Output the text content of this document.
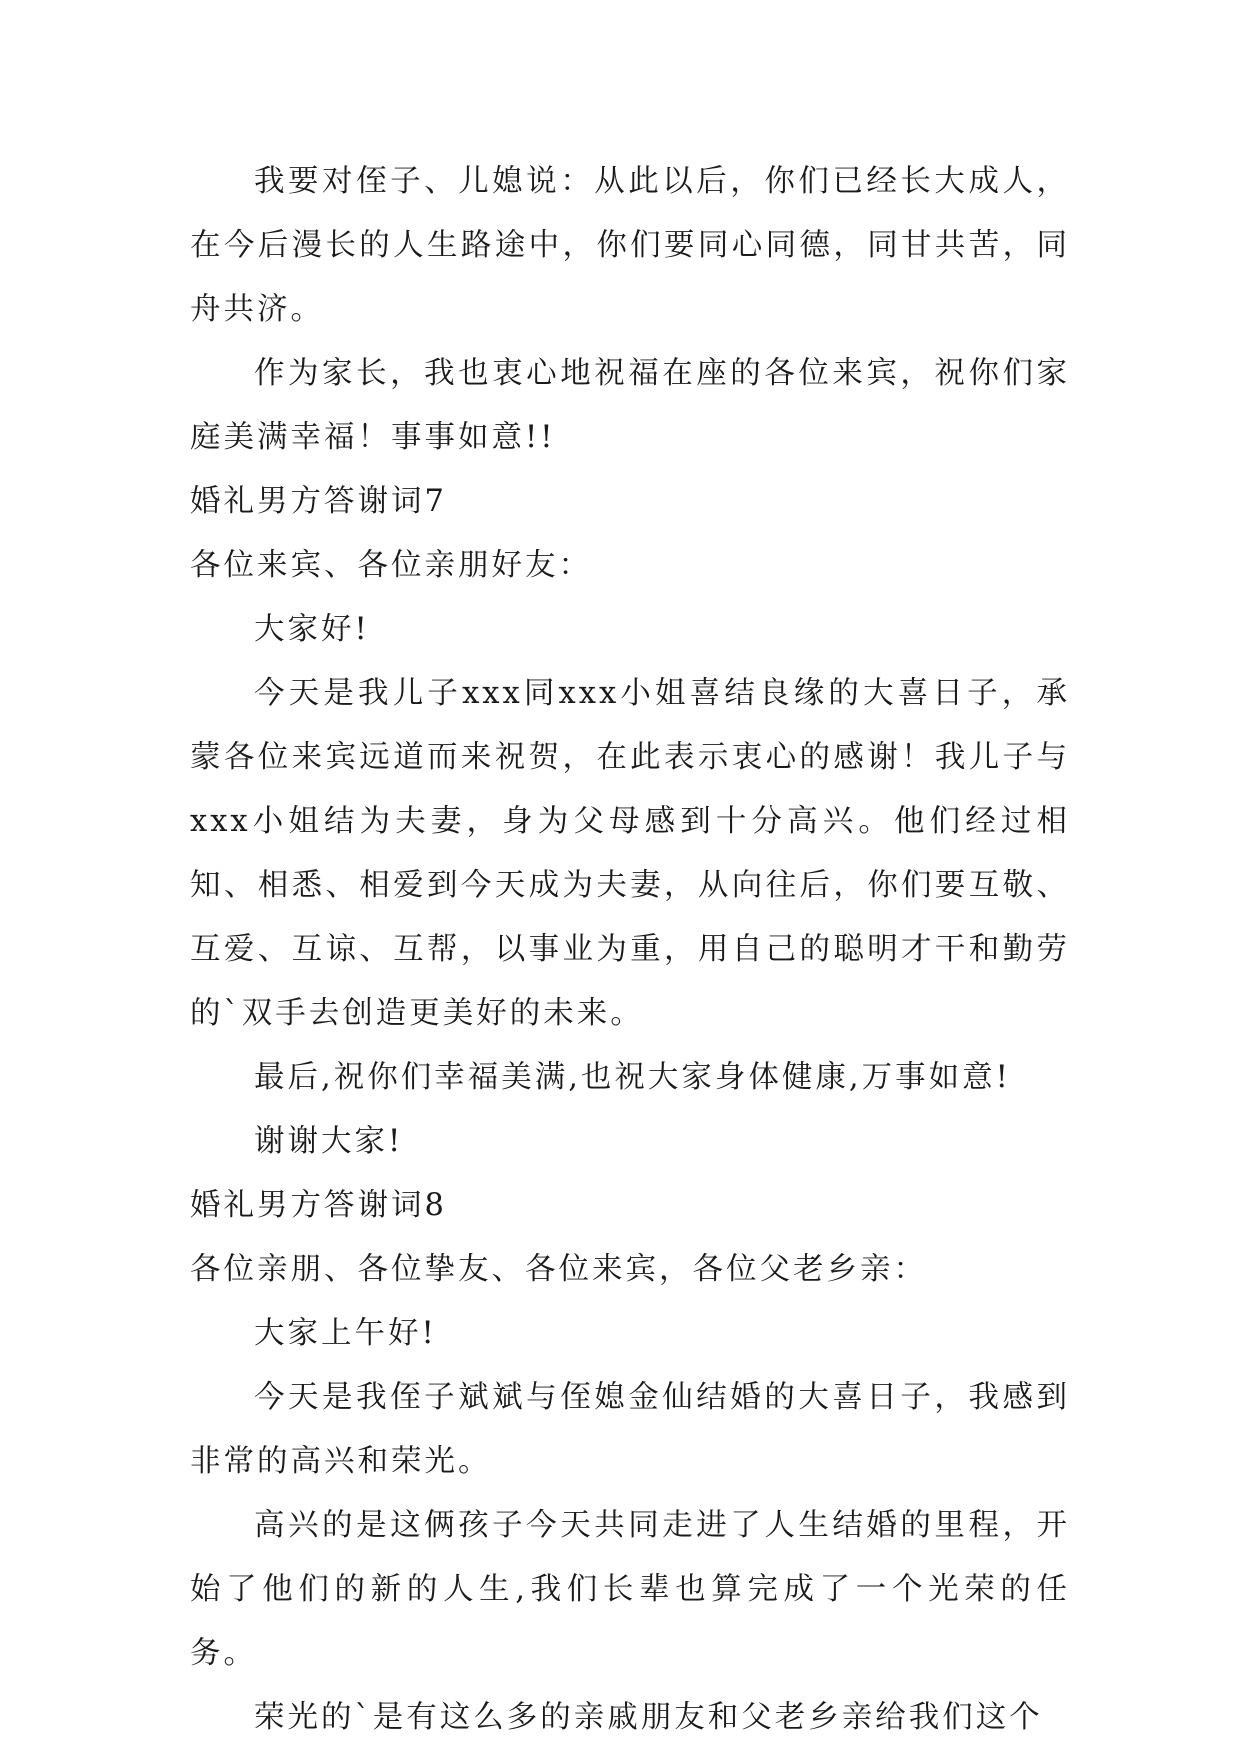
我要对侄子、儿媳说：从此以后，你们已经长大成人，在今后漫长的人生路途中，你们要同心同德，同甘共苦，同舟共济。

作为家长，我也衷心地祝福在座的各位来宾，祝你们家庭美满幸福！事事如意!!

婚礼男方答谢词7

各位来宾、各位亲朋好友：

大家好!

今天是我儿子xxx同xxx小姐喜结良缘的大喜日子，承蒙各位来宾远道而来祝贺，在此表示衷心的感谢！我儿子与xxx小姐结为夫妻，身为父母感到十分高兴。他们经过相知、相悉、相爱到今天成为夫妻，从向往后，你们要互敬、互爱、互谅、互帮，以事业为重，用自己的聪明才干和勤劳的`双手去创造更美好的未来。

最后,祝你们幸福美满,也祝大家身体健康,万事如意!

谢谢大家!

婚礼男方答谢词8

各位亲朋、各位挚友、各位来宾，各位父老乡亲：

大家上午好!

今天是我侄子斌斌与侄媳金仙结婚的大喜日子，我感到非常的高兴和荣光。

高兴的是这俩孩子今天共同走进了人生结婚的里程，开始了他们的新的人生,我们长辈也算完成了一个光荣的任务。

荣光的`是有这么多的亲戚朋友和父老乡亲给我们这个
